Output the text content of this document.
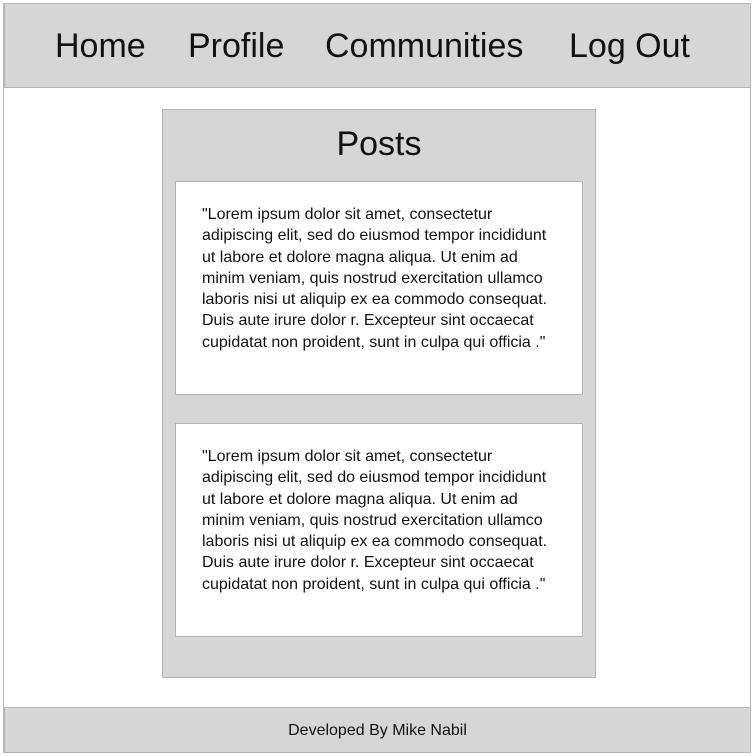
Home Profile Communities Log Out
Posts
"Lorem ipsum dolor sit amet, consectetur adipiscing elit, sed do eiusmod tempor incididunt ut labore et dolore magna aliqua. Ut enim ad minim veniam, quis nostrud exercitation ullamco laboris nisi ut aliquip ex ea commodo consequat. Duis aute irure dolor r. Excepteur sint occaecat cupidatat non proident, sunt in culpa qui officia ."
"Lorem ipsum dolor sit amet, consectetur adipiscing elit, sed do eiusmod tempor incididunt ut labore et dolore magna aliqua. Ut enim ad minim veniam, quis nostrud exercitation ullamco laboris nisi ut aliquip ex ea commodo consequat. Duis aute irure dolor r. Excepteur sint occaecat cupidatat non proident, sunt in culpa qui officia ."
Developed By Mike Nabil
